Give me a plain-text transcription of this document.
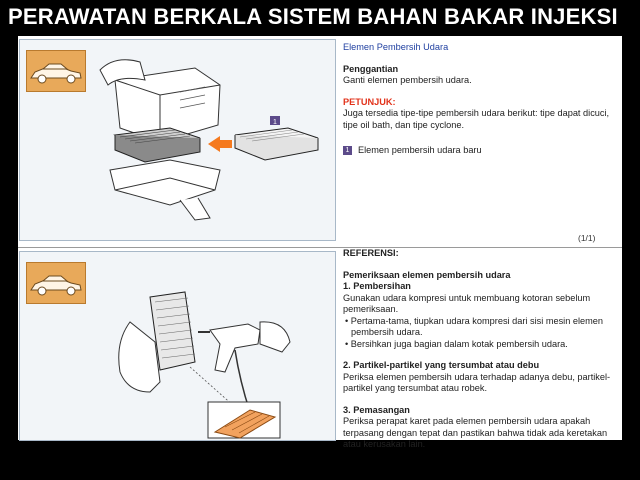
PERAWATAN BERKALA SISTEM BAHAN BAKAR INJEKSI
1
Elemen Pembersih Udara
Penggantian
Ganti elemen pembersih udara.
PETUNJUK:
Juga tersedia tipe-tipe pembersih udara berikut: tipe dapat dicuci, tipe oil bath, dan tipe cyclone.
1 Elemen pembersih udara baru
(1/1)
REFERENSI:
Pemeriksaan elemen pembersih udara
1. Pembersihan
Gunakan udara kompresi untuk membuang kotoran sebelum pemeriksaan.
• Pertama-tama, tiupkan udara kompresi dari sisi mesin elemen pembersih udara.
• Bersihkan juga bagian dalam kotak pembersih udara.
2. Partikel-partikel yang tersumbat atau debu
Periksa elemen pembersih udara terhadap adanya debu, partikel-partikel yang tersumbat atau robek.
3. Pemasangan
Periksa perapat karet pada elemen pembersih udara apakah terpasang dengan tepat dan pastikan bahwa tidak ada keretakan atau kerusakan lain.
